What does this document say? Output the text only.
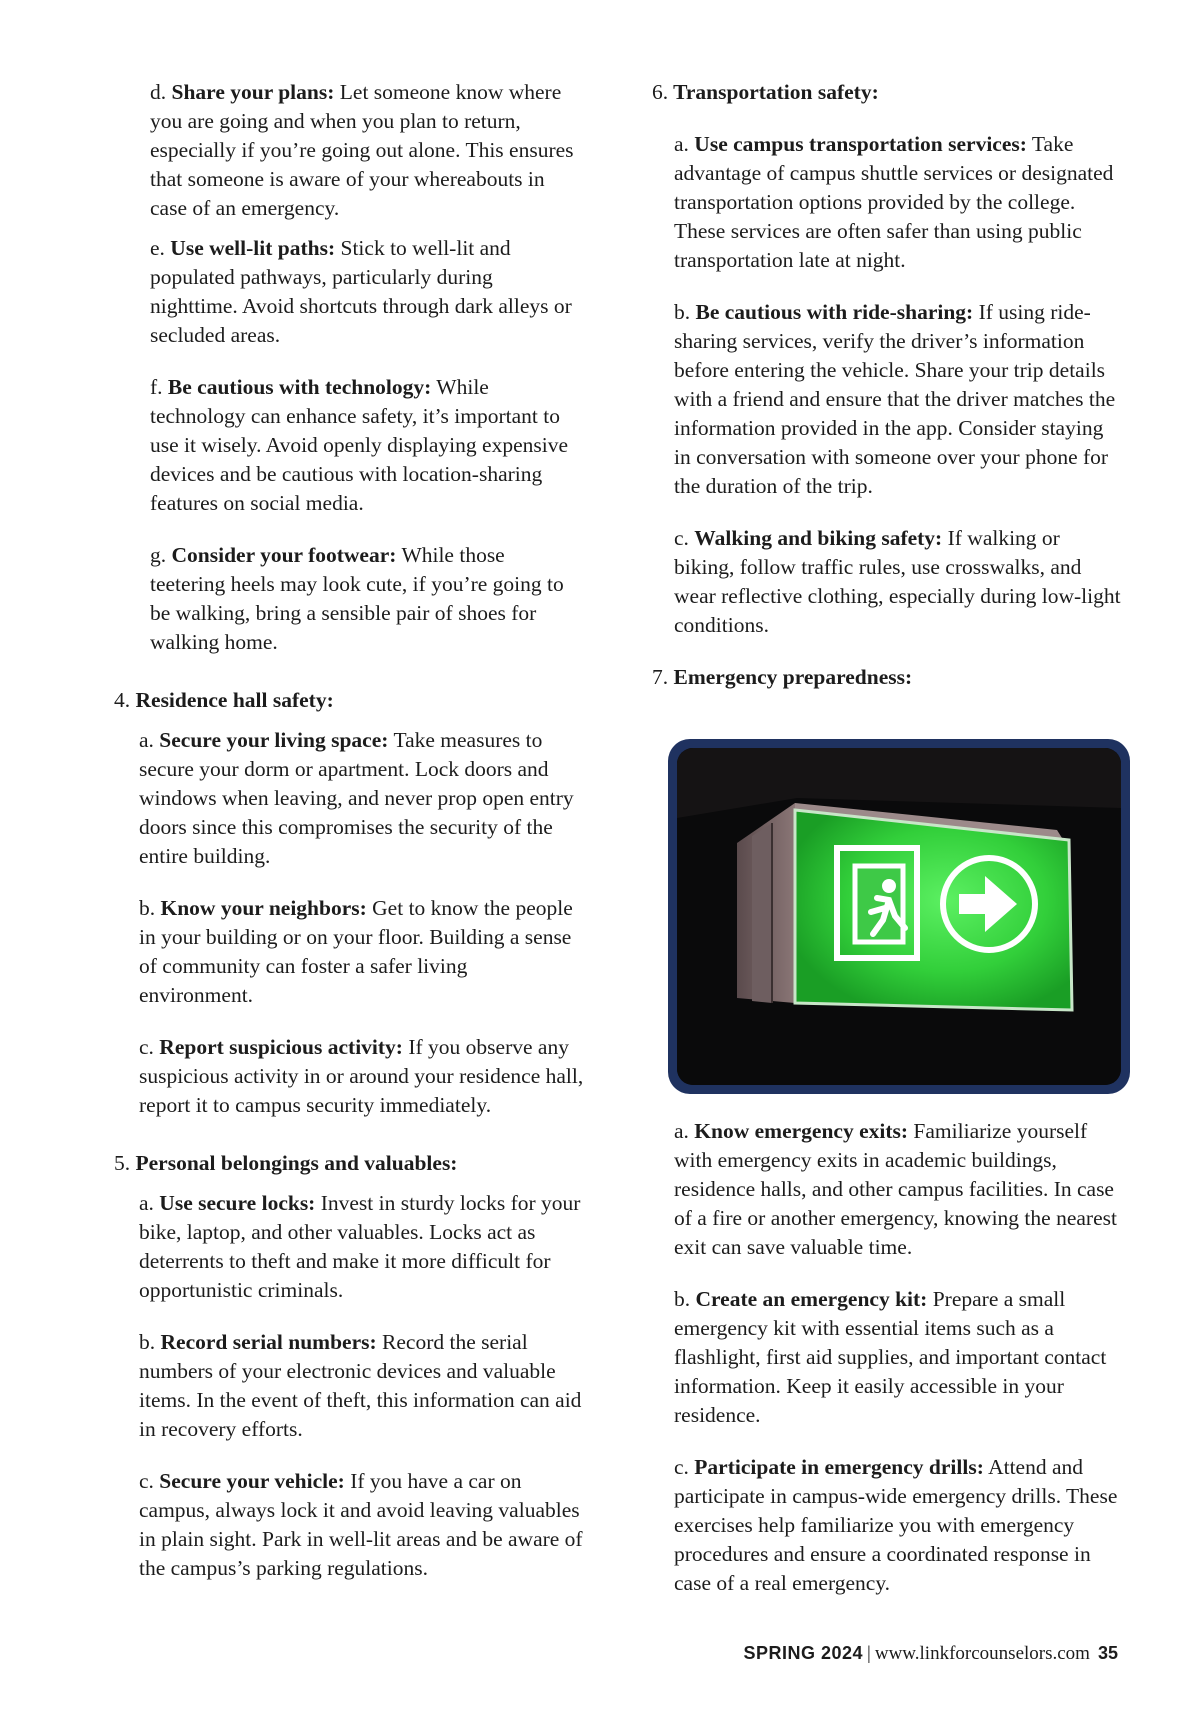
d. Share your plans: Let someone know where you are going and when you plan to return, especially if you’re going out alone. This ensures that someone is aware of your whereabouts in case of an emergency.

e. Use well-lit paths: Stick to well-lit and populated pathways, particularly during nighttime. Avoid shortcuts through dark alleys or secluded areas.

f. Be cautious with technology: While technology can enhance safety, it’s important to use it wisely. Avoid openly displaying expensive devices and be cautious with location-sharing features on social media.

g. Consider your footwear: While those teetering heels may look cute, if you’re going to be walking, bring a sensible pair of shoes for walking home.

4. Residence hall safety:

a. Secure your living space: Take measures to secure your dorm or apartment. Lock doors and windows when leaving, and never prop open entry doors since this compromises the security of the entire building.

b. Know your neighbors: Get to know the people in your building or on your floor. Building a sense of community can foster a safer living environment.

c. Report suspicious activity: If you observe any suspicious activity in or around your residence hall, report it to campus security immediately.

5. Personal belongings and valuables:

a. Use secure locks: Invest in sturdy locks for your bike, laptop, and other valuables. Locks act as deterrents to theft and make it more difficult for opportunistic criminals.

b. Record serial numbers: Record the serial numbers of your electronic devices and valuable items. In the event of theft, this information can aid in recovery efforts.

c. Secure your vehicle: If you have a car on campus, always lock it and avoid leaving valuables in plain sight. Park in well-lit areas and be aware of the campus’s parking regulations.

6. Transportation safety:

a. Use campus transportation services: Take advantage of campus shuttle services or designated transportation options provided by the college. These services are often safer than using public transportation late at night.

b. Be cautious with ride-sharing: If using ride-sharing services, verify the driver’s information before entering the vehicle. Share your trip details with a friend and ensure that the driver matches the information provided in the app. Consider staying in conversation with someone over your phone for the duration of the trip.

c. Walking and biking safety: If walking or biking, follow traffic rules, use crosswalks, and wear reflective clothing, especially during low-light conditions.

7. Emergency preparedness:

a. Know emergency exits: Familiarize yourself with emergency exits in academic buildings, residence halls, and other campus facilities. In case of a fire or another emergency, knowing the nearest exit can save valuable time.

b. Create an emergency kit: Prepare a small emergency kit with essential items such as a flashlight, first aid supplies, and important contact information. Keep it easily accessible in your residence.

c. Participate in emergency drills: Attend and participate in campus-wide emergency drills. These exercises help familiarize you with emergency procedures and ensure a coordinated response in case of a real emergency.

SPRING 2024 | www.linkforcounselors.com 35
